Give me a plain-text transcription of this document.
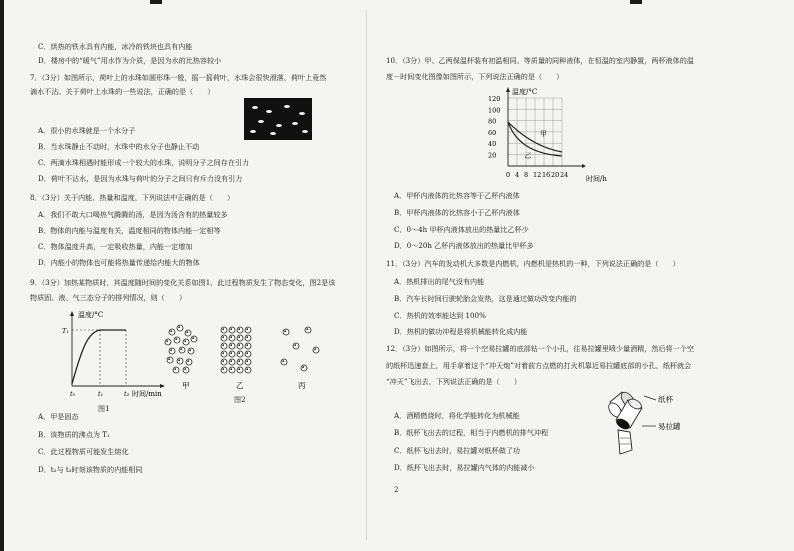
C．烘热的铁水具有内能，冰冷的铁块也具有内能
D．楼房中的“暖气”用水作为介质，是因为水的比热容较小
7．（3分）如图所示，荷叶上的水珠如圆形珠一般，摇一摇荷叶，水珠会很快滑落，荷叶上竟然
滴水不沾。关于荷叶上水珠的一些说法，正确的是（　　）
A．很小的水珠就是一个水分子
B．当水珠静止不动时，水珠中的水分子也静止不动
C．两滴水珠相遇时能形成一个较大的水珠，说明分子之间存在引力
D．荷叶不沾水，是因为水珠与荷叶的分子之间只有斥力没有引力
8．（3分）关于内能、热量和温度，下列说法中正确的是（　　）
A．我们不敢大口喝热气腾腾的汤，是因为汤含有的热量较多
B．物体的内能与温度有关，温度相同的物体内能一定相等
C．物体温度升高，一定吸收热量，内能一定增加
D．内能小的物体也可能将热量传递给内能大的物体
9．（3分）加热某物质时，其温度随时间的变化关系如图1，此过程物质发生了物态变化，图2是该
物质固、液、气三态分子的排列情况，则（　　）
温度/°C
T₁
t₀	t₁	t₂ 时间/min
图1
甲	乙	丙
图2
A．甲是固态
B．该物质的沸点为 T₁
C．此过程物质可能发生熔化
D．t₂与 t₃时刻该物质的内能相同
10．（3分）甲、乙两保温杯装有初温相同、等质量的同种液体，在恒温的室内静置，两杯液体的温
度－时间变化图像如图所示，下列说法正确的是（　　）
120
100
80
60
40
20
0 4 8 12 16 20 24
温度/°C
时间/h
甲
乙
A．甲杯内液体的比热容等于乙杯内液体
B．甲杯内液体的比热容小于乙杯内液体
C．0～4h 甲杯内液体放出的热量比乙杯少
D．0～20h 乙杯内液体放出的热量比甲杯多
11．（3分）汽车的发动机大多数是内燃机，内燃机是热机的一种，下列说法正确的是（　　）
A．热机排出的尾气没有内能
B．汽车长时间行驶轮胎会发热，这是通过做功改变内能的
C．热机的效率能达到 100%
D．热机的做功冲程是将机械能转化成内能
12．（3分）如图所示，将一个空易拉罐的底部钻一个小孔，往易拉罐里喷少量酒精，然后将一个空
的纸杯迅速套上，用手拿着这个“冲天炮”对着前方点燃的打火机靠近易拉罐底部的小孔，纸杯就会
“冲天”飞出去，下列说法正确的是（　　）
A．酒精燃烧时，将化学能转化为机械能
B．纸杯飞出去的过程，相当于内燃机的排气冲程
C．纸杯飞出去时，易拉罐对纸杯做了功
D．纸杯飞出去时，易拉罐内气体的内能减小
纸杯
易拉罐
2
